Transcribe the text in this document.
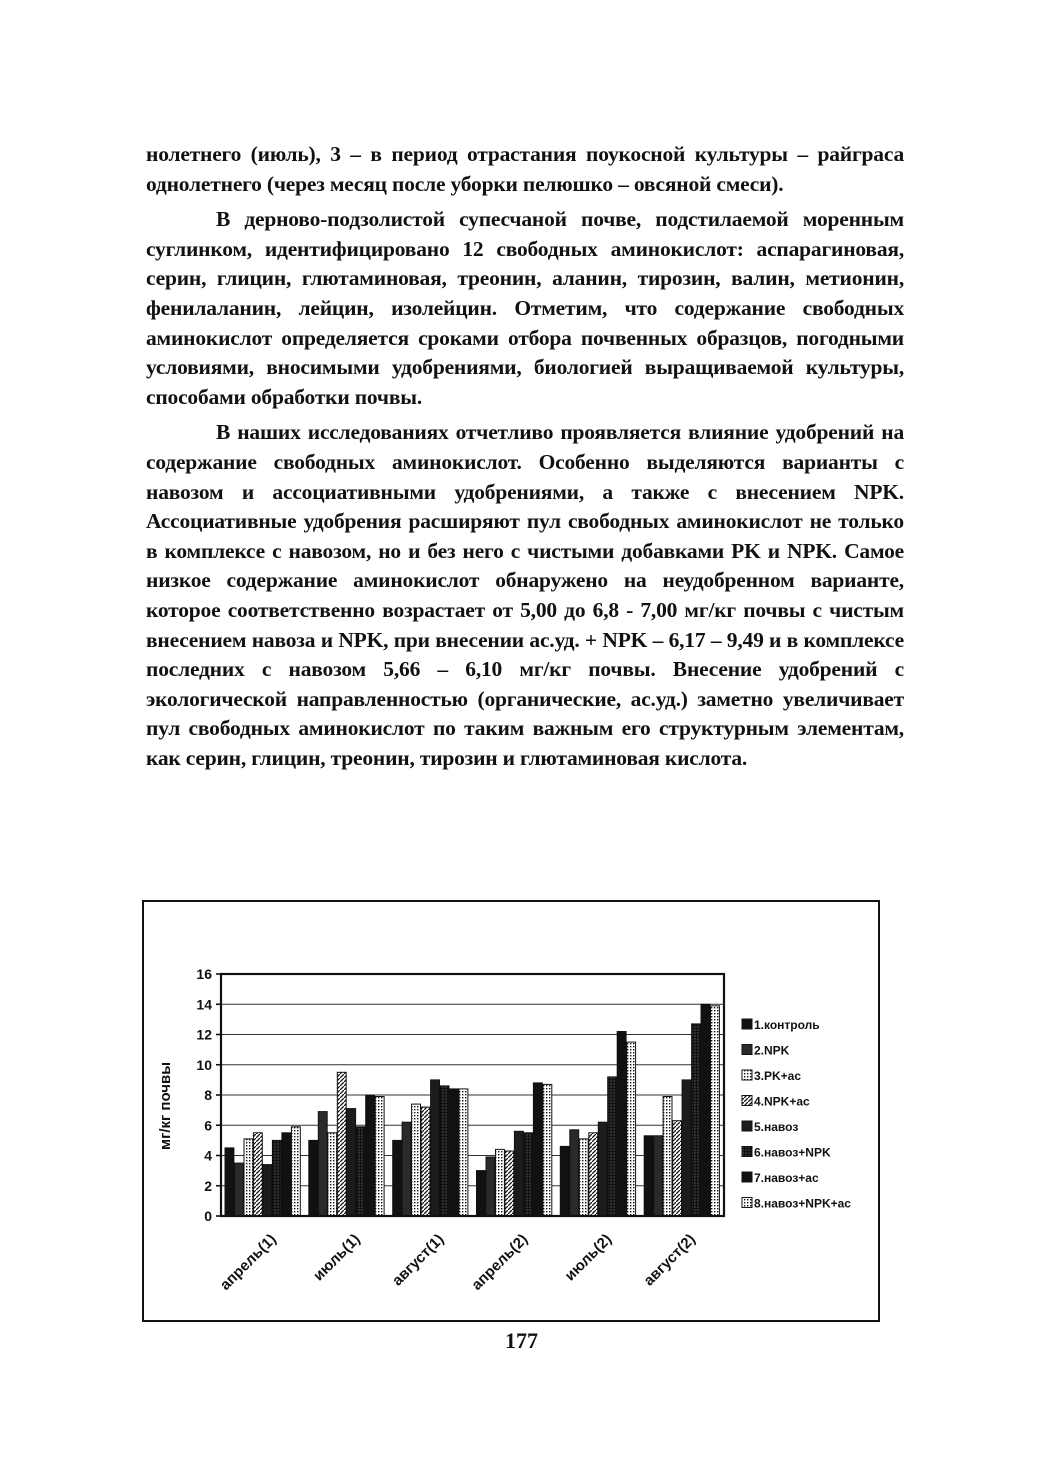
нолетнего (июль), 3 – в период отрастания поукосной культуры – райграса однолетнего (через месяц после уборки пелюшко – овсяной смеси).

В дерново-подзолистой супесчаной почве, подстилаемой моренным суглинком, идентифицировано 12 свободных аминокислот: аспарагиновая, серин, глицин, глютаминовая, треонин, аланин, тирозин, валин, метионин, фенилаланин, лейцин, изолейцин. Отметим, что содержание свободных аминокислот определяется сроками отбора почвенных образцов, погодными условиями, вносимыми удобрениями, биологией выращиваемой культуры, способами обработки почвы.

В наших исследованиях отчетливо проявляется влияние удобрений на содержание свободных аминокислот. Особенно выделяются варианты с навозом и ассоциативными удобрениями, а также с внесением NPK. Ассоциативные удобрения расширяют пул свободных аминокислот не только в комплексе с навозом, но и без него с чистыми добавками PK и NPK. Самое низкое содержание аминокислот обнаружено на неудобренном варианте, которое соответственно возрастает от 5,00 до 6,8 - 7,00 мг/кг почвы с чистым внесением навоза и NPK, при внесении ас.уд. + NPK – 6,17 – 9,49 и в комплексе последних с навозом 5,66 – 6,10 мг/кг почвы. Внесение удобрений с экологической направленностью (органические, ас.уд.) заметно увеличивает пул свободных аминокислот по таким важным его структурным элементам, как серин, глицин, треонин, тирозин и глютаминовая кислота.

0
2
4
6
8
10
12
14
16
апрель(1) июль(1) август(1) апрель(2) июль(2) август(2)
1.контроль
2.NPK
3.PK+ас
4.NPK+ас
5.навоз
6.навоз+NPK
7.навоз+ас
8.навоз+NPK+ас
мг/кг почвы
177
